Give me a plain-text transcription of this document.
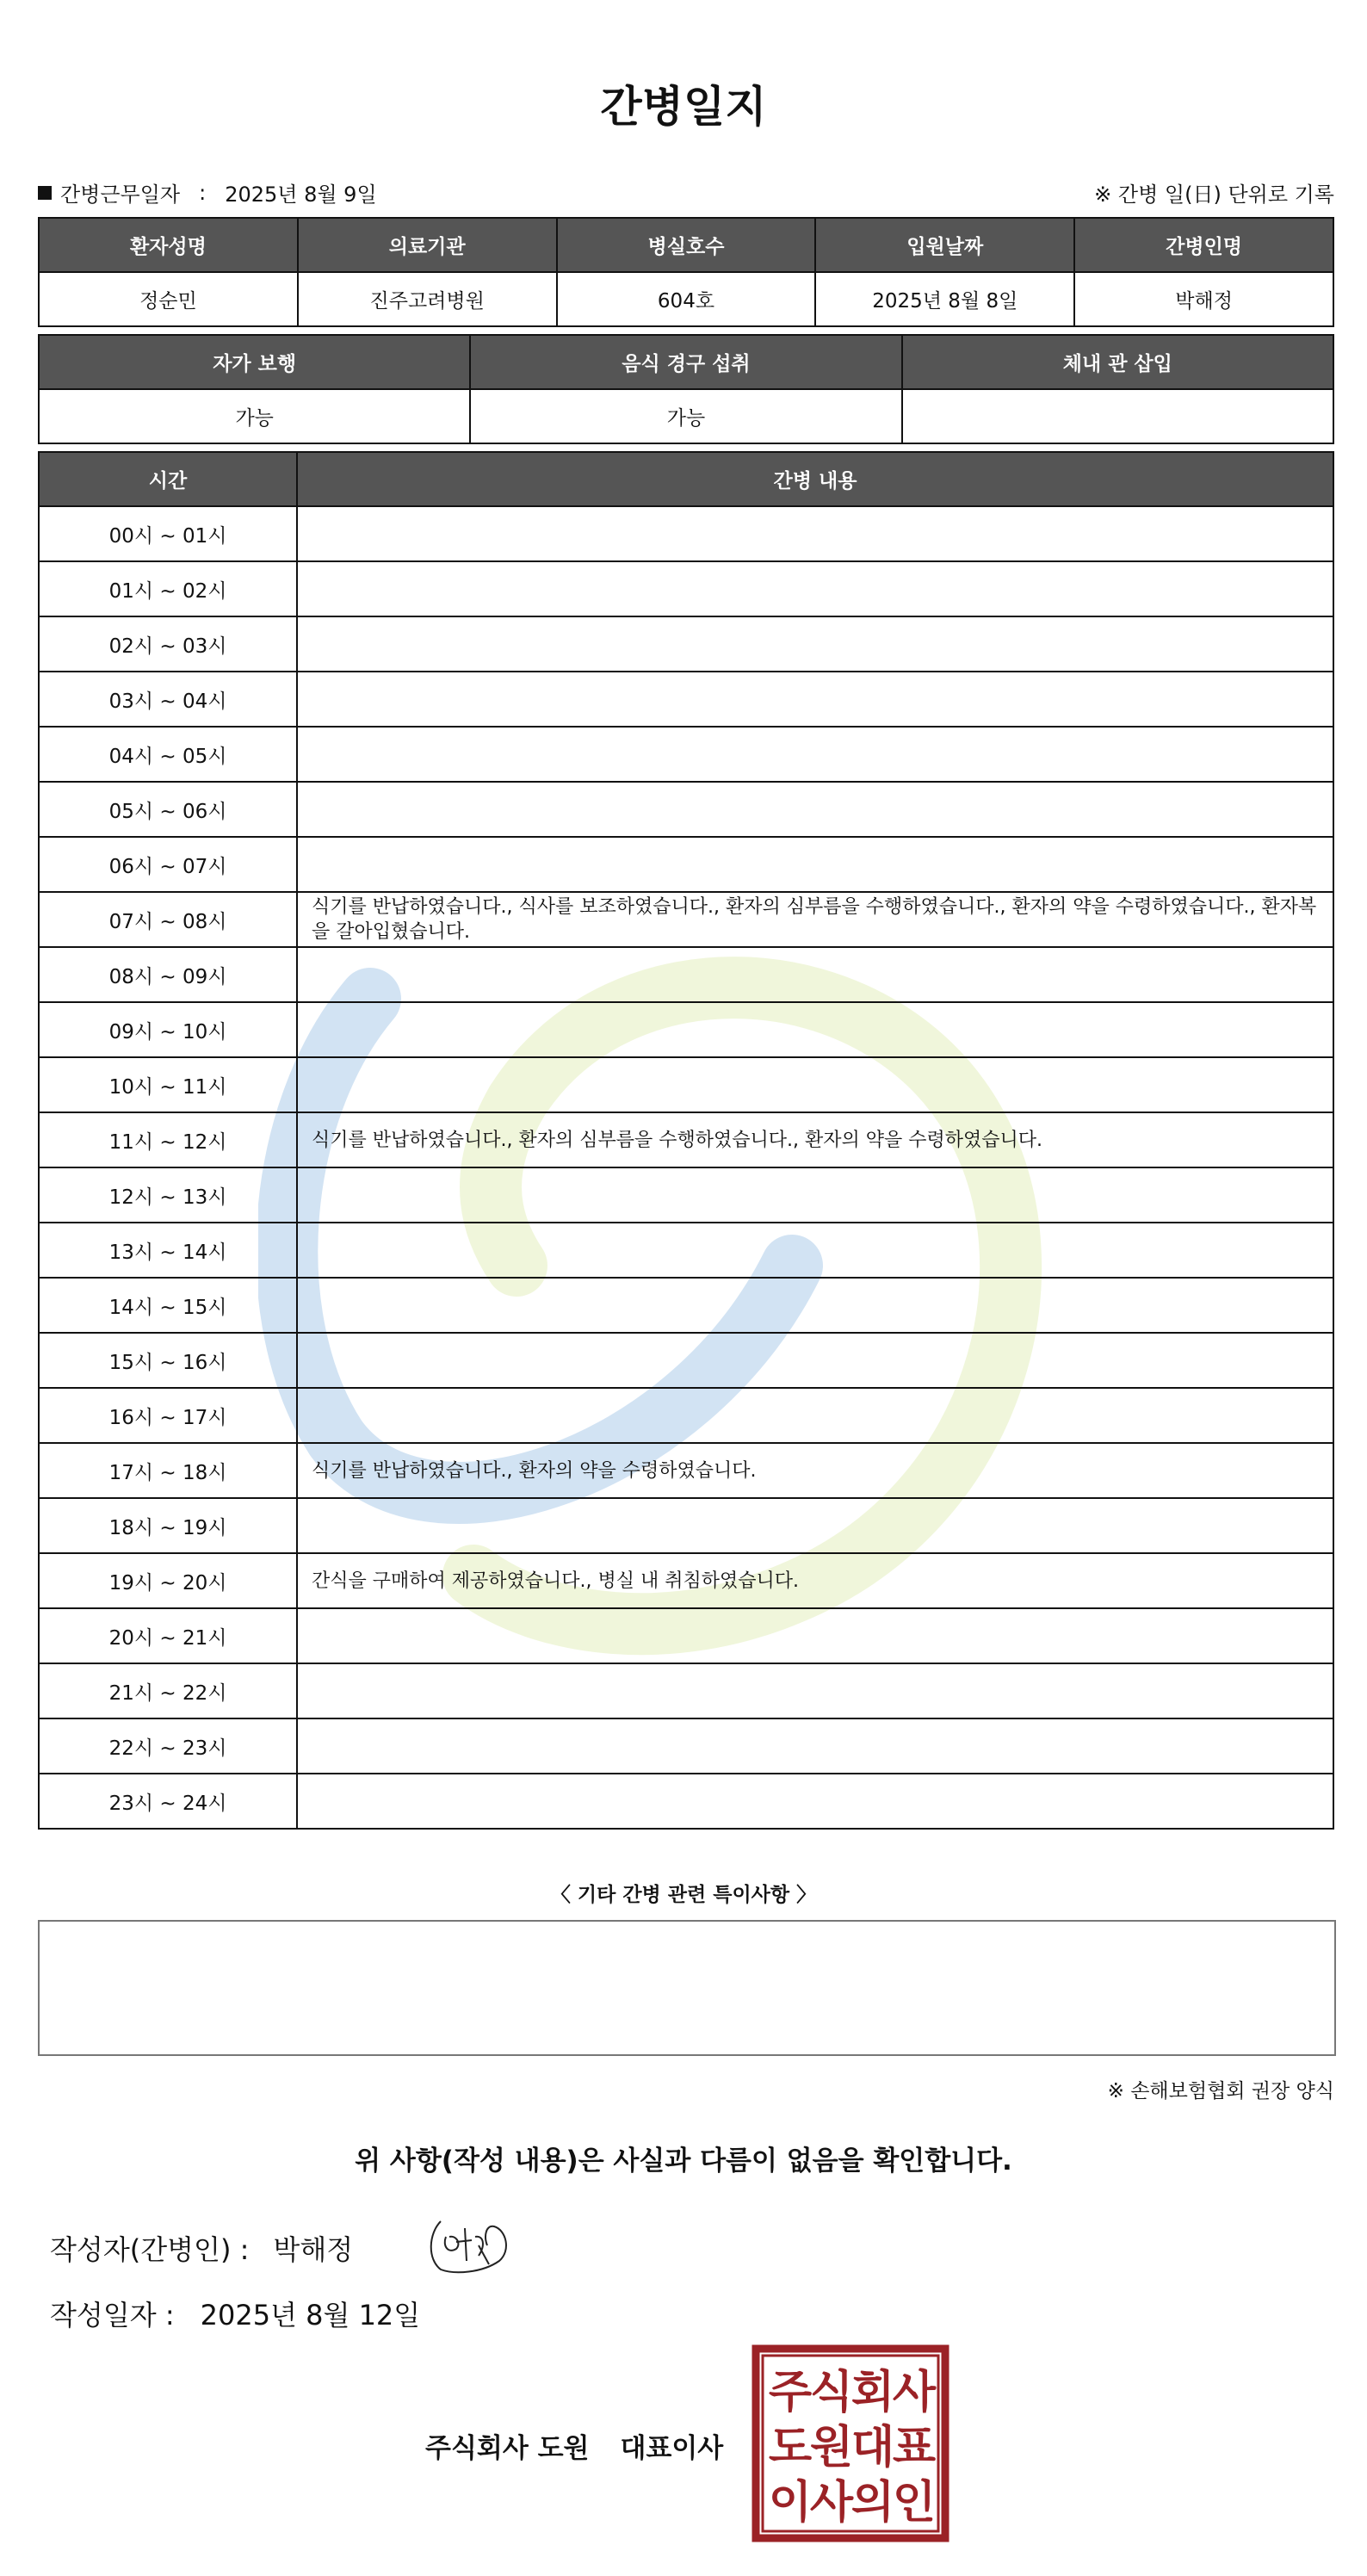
간병일지
간병근무일자 : 2025년 8월 9일	※ 간병 일(日) 단위로 기록
환자성명	의료기관	병실호수	입원날짜	간병인명
정순민	진주고려병원	604호	2025년 8월 8일	박해정
자가 보행	음식 경구 섭취	체내 관 삽입
가능	가능	
시간	간병 내용
00시 ~ 01시	
01시 ~ 02시	
02시 ~ 03시	
03시 ~ 04시	
04시 ~ 05시	
05시 ~ 06시	
06시 ~ 07시	
07시 ~ 08시	식기를 반납하였습니다., 식사를 보조하였습니다., 환자의 심부름을 수행하였습니다., 환자의 약을 수령하였습니다., 환자복을 갈아입혔습니다.
08시 ~ 09시	
09시 ~ 10시	
10시 ~ 11시	
11시 ~ 12시	식기를 반납하였습니다., 환자의 심부름을 수행하였습니다., 환자의 약을 수령하였습니다.
12시 ~ 13시	
13시 ~ 14시	
14시 ~ 15시	
15시 ~ 16시	
16시 ~ 17시	
17시 ~ 18시	식기를 반납하였습니다., 환자의 약을 수령하였습니다.
18시 ~ 19시	
19시 ~ 20시	간식을 구매하여 제공하였습니다., 병실 내 취침하였습니다.
20시 ~ 21시	
21시 ~ 22시	
22시 ~ 23시	
23시 ~ 24시	
〈 기타 간병 관련 특이사항 〉
※ 손해보험협회 권장 양식
위 사항(작성 내용)은 사실과 다름이 없음을 확인합니다.
작성자(간병인) : 박해정
작성일자 : 2025년 8월 12일
주식회사 도원 대표이사
주
식
회
사
도
원
대
표
이
사
의
인
